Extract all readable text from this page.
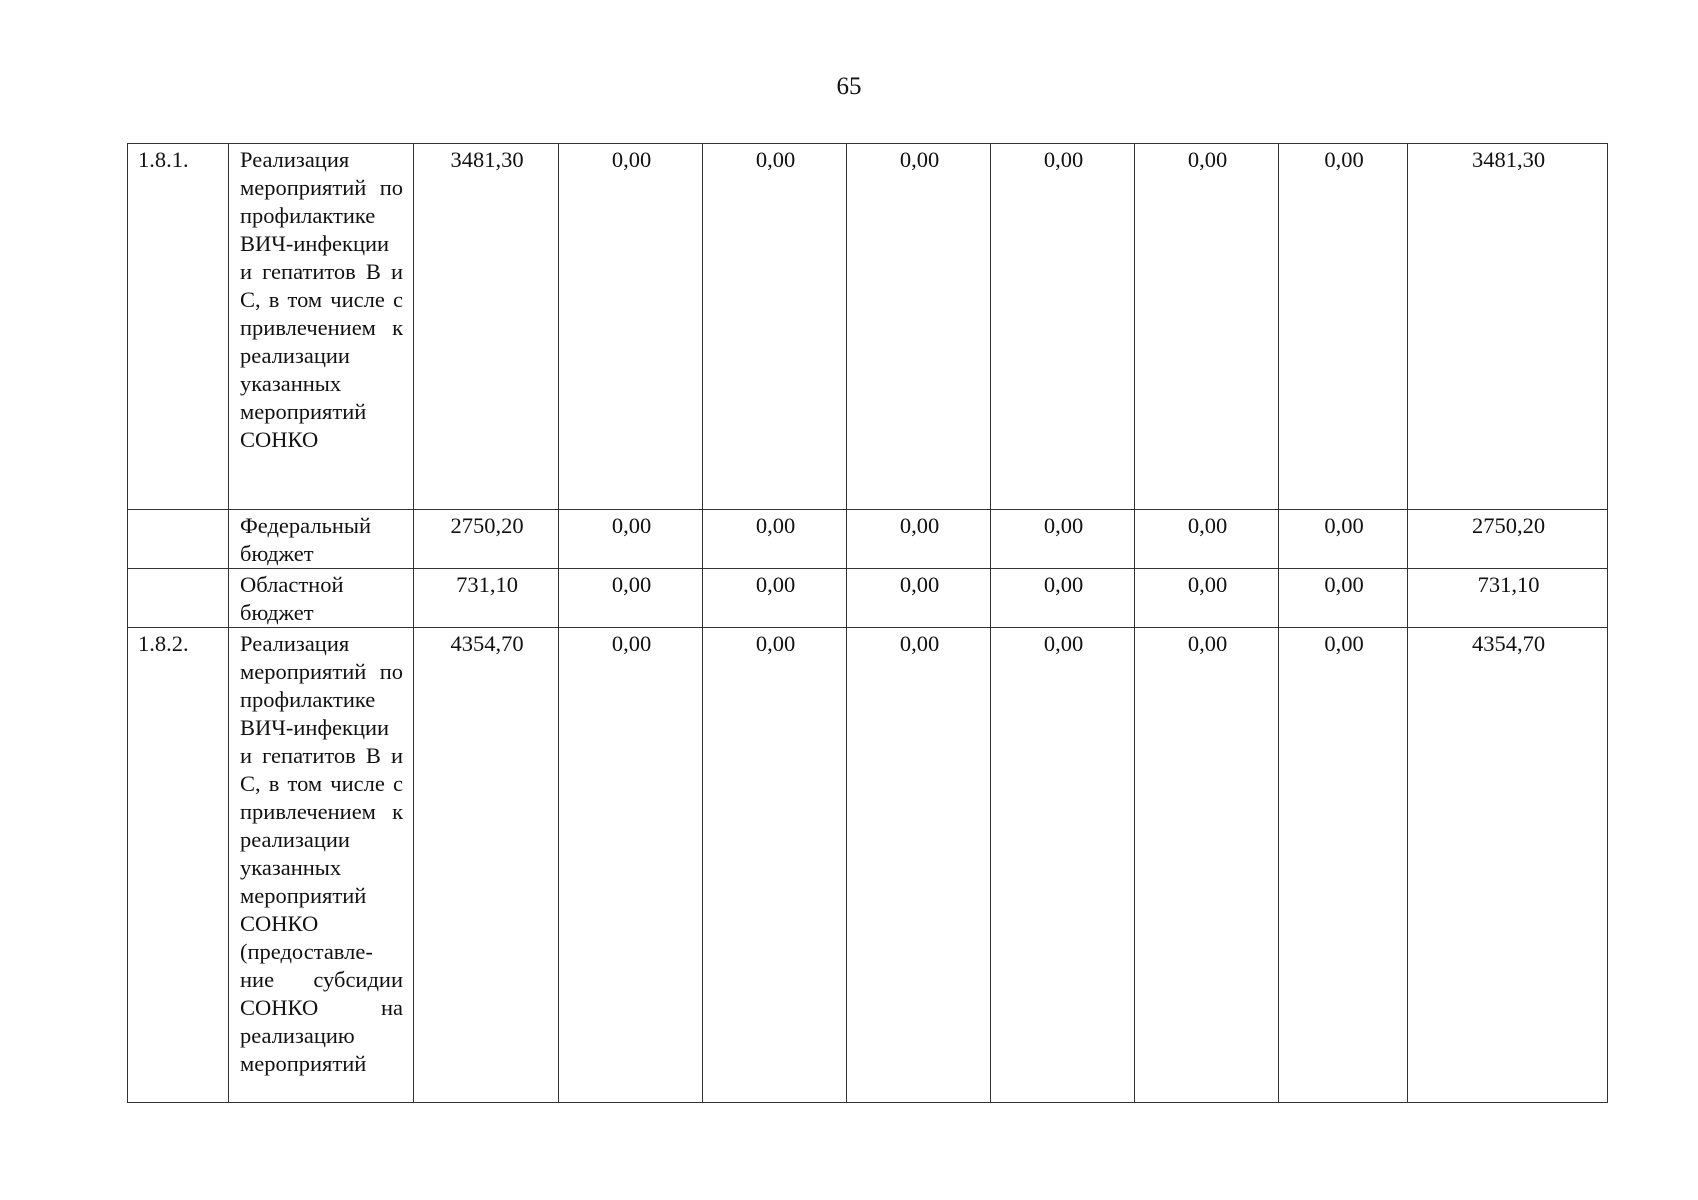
65
1.8.1.	Реализация мероприятий по профилактике ВИЧ-инфекции и гепатитов В и С, в том числе с привлечением к реализации указанных мероприятий СОНКО	3481,30	0,00	0,00	0,00	0,00	0,00	0,00	3481,30
	Федеральный бюджет	2750,20	0,00	0,00	0,00	0,00	0,00	0,00	2750,20
	Областной бюджет	731,10	0,00	0,00	0,00	0,00	0,00	0,00	731,10
1.8.2.	Реализация мероприятий по профилактике ВИЧ-инфекции и гепатитов В и С, в том числе с привлечением к реализации указанных мероприятий СОНКО (предоставле-ние субсидии СОНКО на реализацию мероприятий	4354,70	0,00	0,00	0,00	0,00	0,00	0,00	4354,70
